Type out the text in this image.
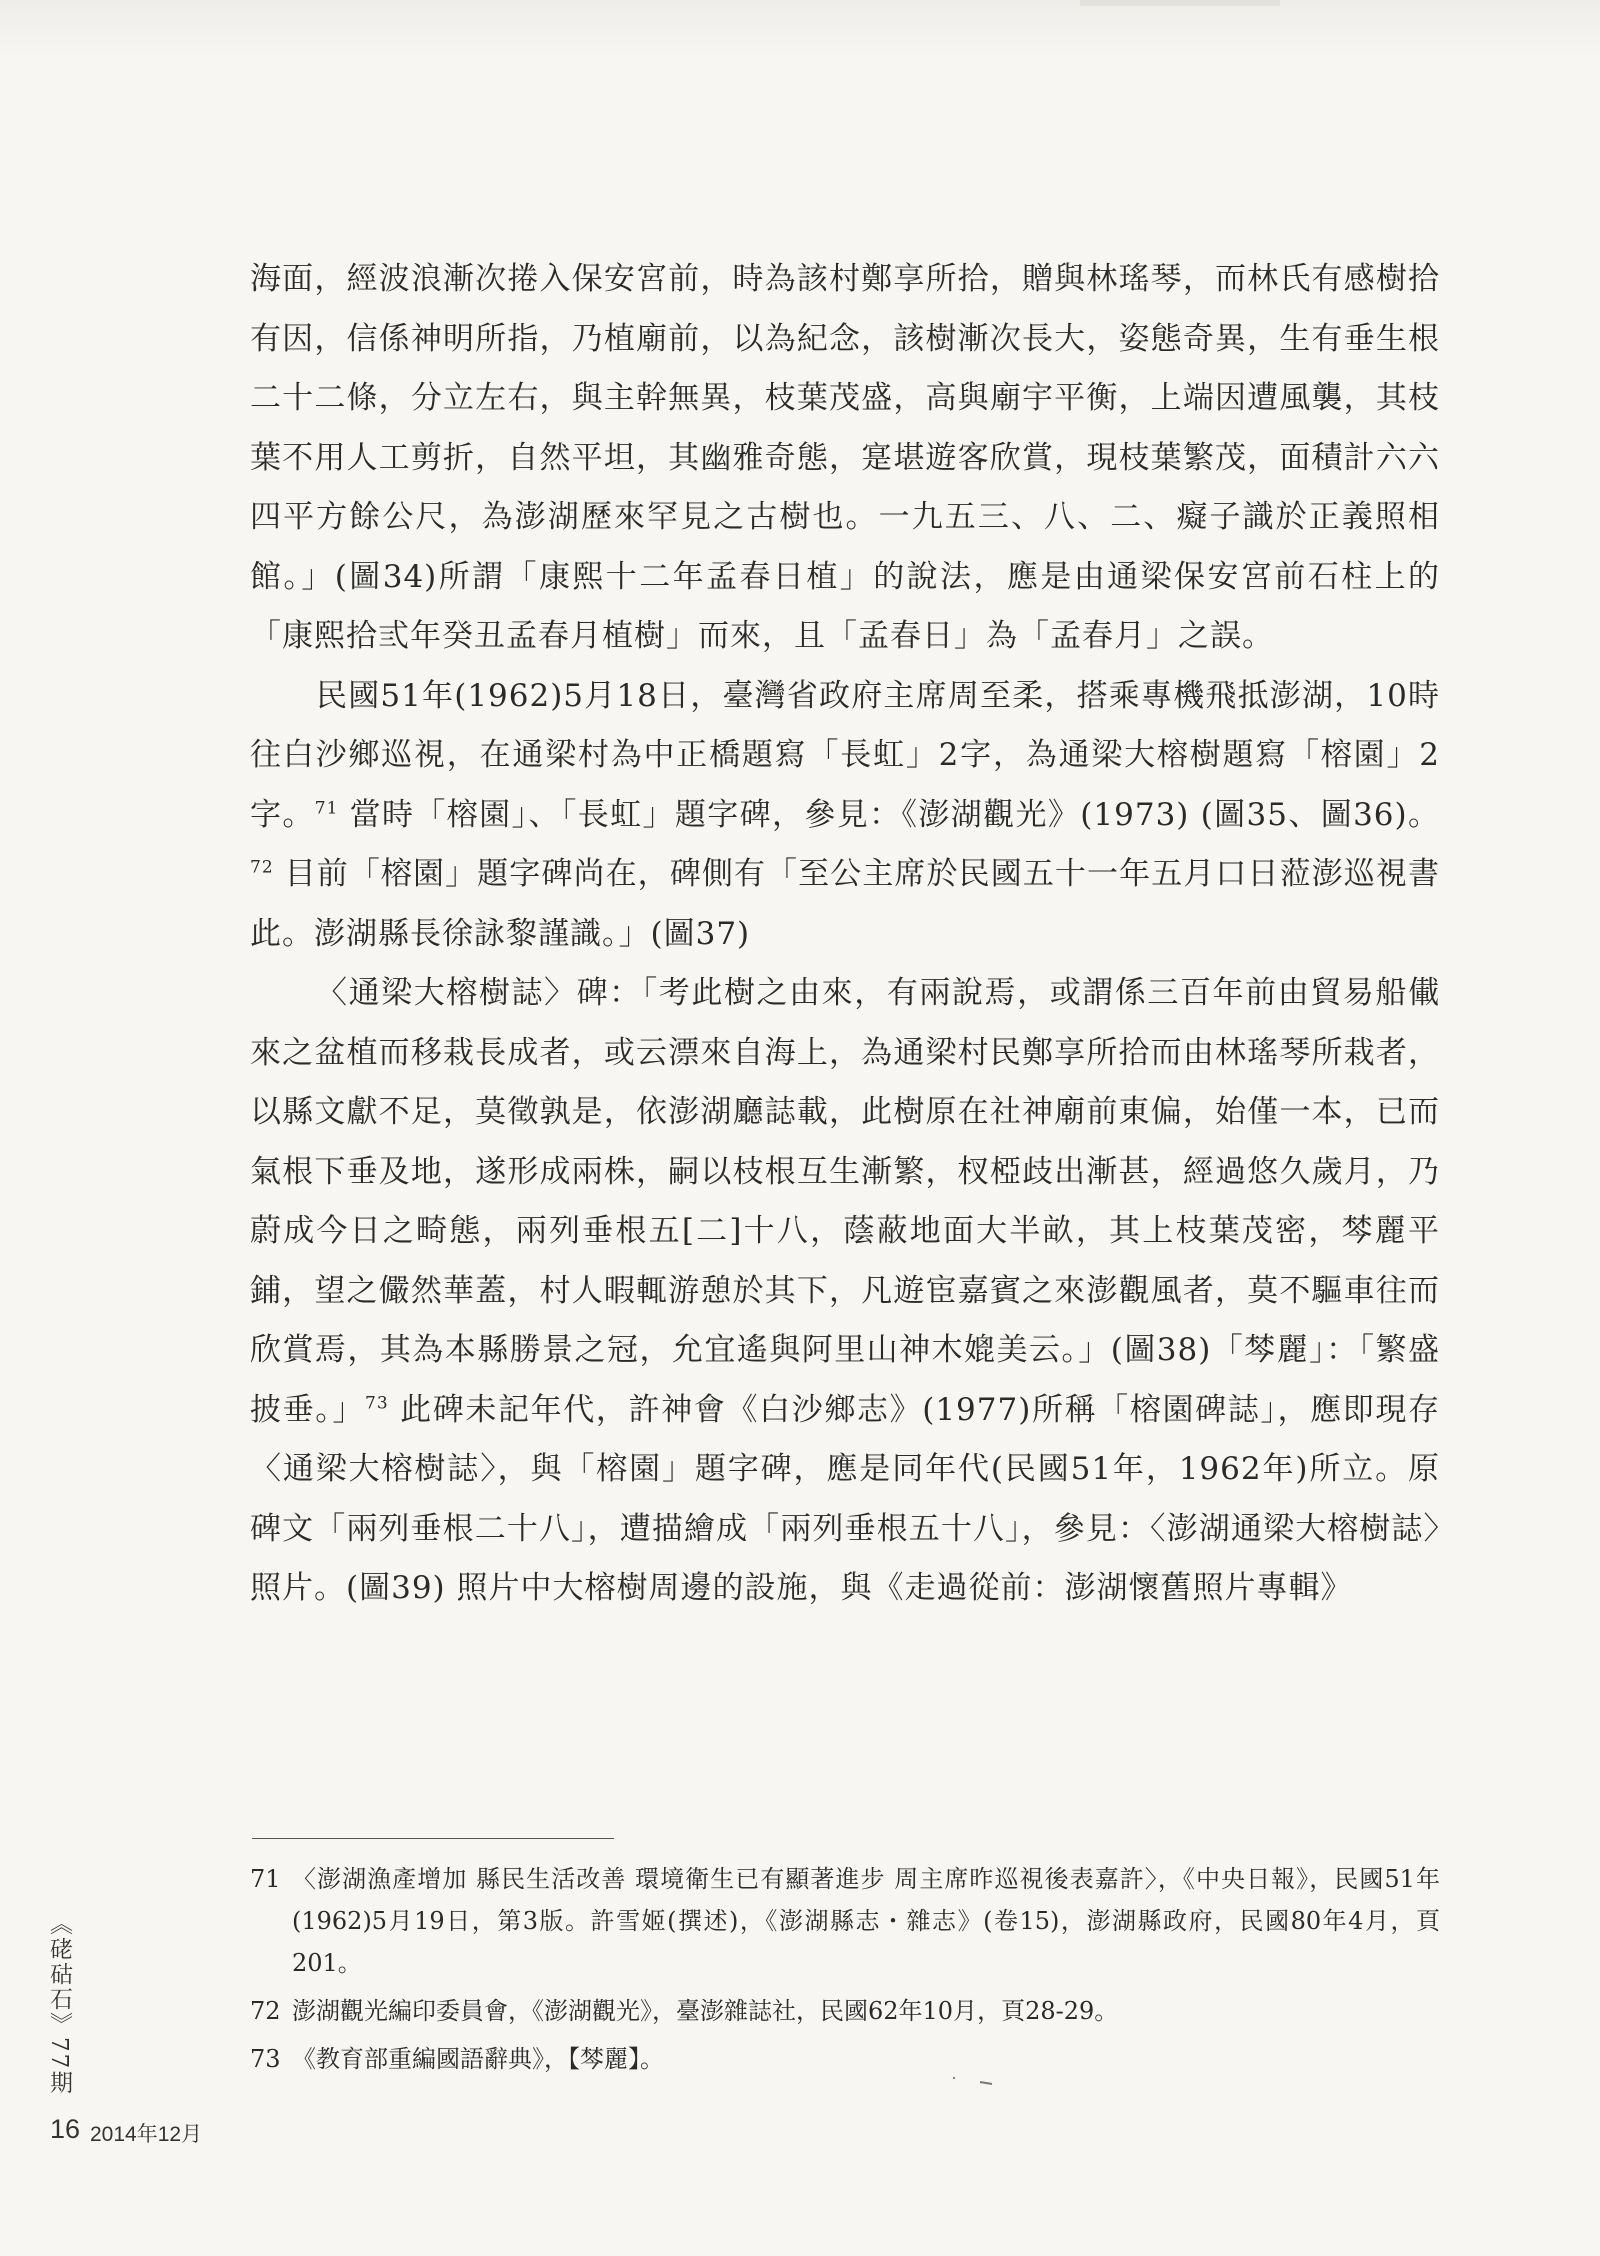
海面，經波浪漸次捲入保安宮前，時為該村鄭享所拾，贈與林瑤琴，而林氏有感樹拾有因，信係神明所指，乃植廟前，以為紀念，該樹漸次長大，姿態奇異，生有垂生根二十二條，分立左右，與主幹無異，枝葉茂盛，高與廟宇平衡，上端因遭風襲，其枝葉不用人工剪折，自然平坦，其幽雅奇態，寔堪遊客欣賞，現枝葉繁茂，面積計六六四平方餘公尺，為澎湖歷來罕見之古樹也。一九五三、八、二、癡子識於正義照相館。」(圖34)所謂「康熙十二年孟春日植」的說法，應是由通梁保安宮前石柱上的「康熙拾弎年癸丑孟春月植樹」而來，且「孟春日」為「孟春月」之誤。

民國51年(1962)5月18日，臺灣省政府主席周至柔，搭乘專機飛抵澎湖，10時往白沙鄉巡視，在通梁村為中正橋題寫「長虹」2字，為通梁大榕樹題寫「榕園」2字。$^{71}$ 當時「榕園」、「長虹」題字碑，參見：《澎湖觀光》(1973) (圖35、圖36)。$^{72}$ 目前「榕園」題字碑尚在，碑側有「至公主席於民國五十一年五月口日蒞澎巡視書此。澎湖縣長徐詠黎謹識。」(圖37)

〈通梁大榕樹誌〉碑：「考此樹之由來，有兩說焉，或謂係三百年前由貿易船儎來之盆植而移栽長成者，或云漂來自海上，為通梁村民鄭享所拾而由林瑤琴所栽者，以縣文獻不足，莫徵孰是，依澎湖廳誌載，此樹原在社神廟前東偏，始僅一本，已而氣根下垂及地，遂形成兩株，嗣以枝根互生漸繁，杈椏歧出漸甚，經過悠久歲月，乃蔚成今日之畸態，兩列垂根五[二]十八，蔭蔽地面大半畝，其上枝葉茂密，棽麗平鋪，望之儼然華蓋，村人暇輒游憩於其下，凡遊宦嘉賓之來澎觀風者，莫不驅車往而欣賞焉，其為本縣勝景之冠，允宜遙與阿里山神木媲美云。」(圖38)「棽麗」：「繁盛披垂。」$^{73}$ 此碑未記年代，許神會《白沙鄉志》(1977)所稱「榕園碑誌」，應即現存〈通梁大榕樹誌〉，與「榕園」題字碑，應是同年代(民國51年，1962年)所立。原碑文「兩列垂根二十八」，遭描繪成「兩列垂根五十八」，參見：〈澎湖通梁大榕樹誌〉照片。(圖39) 照片中大榕樹周邊的設施，與《走過從前：澎湖懷舊照片專輯》

71 〈澎湖漁產增加 縣民生活改善 環境衛生已有顯著進步 周主席昨巡視後表嘉許〉，《中央日報》，民國51年(1962)5月19日，第3版。許雪姬(撰述)，《澎湖縣志・雜志》(卷15)，澎湖縣政府，民國80年4月，頁201。
72 澎湖觀光編印委員會，《澎湖觀光》，臺澎雜誌社，民國62年10月，頁28-29。
73 《教育部重編國語辭典》，【棽麗】。
《硓𥑮石》77期
16 2014年12月
